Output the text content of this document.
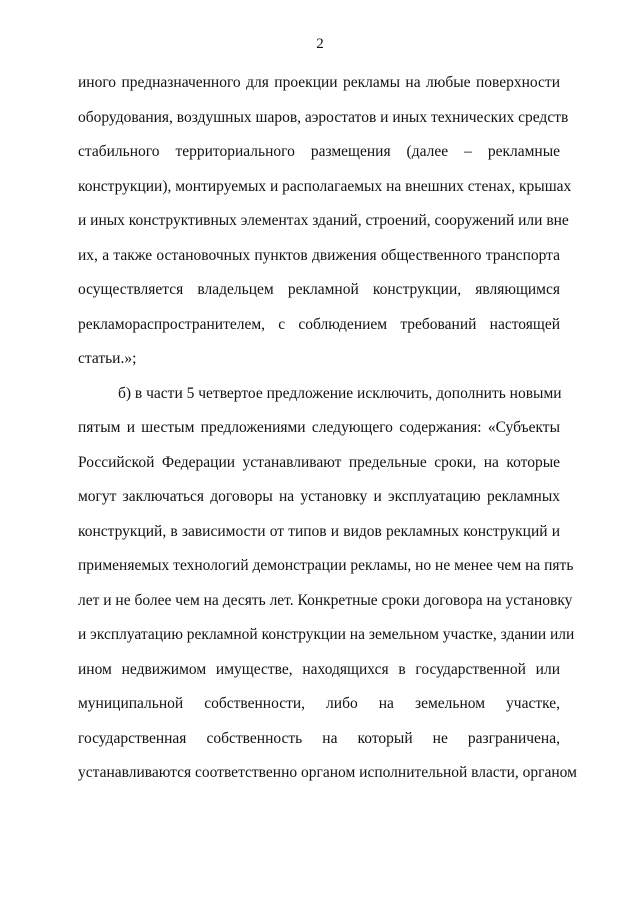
2
иного предназначенного для проекции рекламы на любые поверхности
оборудования, воздушных шаров, аэростатов и иных технических средств
стабильного территориального размещения (далее – рекламные
конструкции), монтируемых и располагаемых на внешних стенах, крышах
и иных конструктивных элементах зданий, строений, сооружений или вне
их, а также остановочных пунктов движения общественного транспорта
осуществляется владельцем рекламной конструкции, являющимся
рекламораспространителем, с соблюдением требований настоящей
статьи.»;
б) в части 5 четвертое предложение исключить, дополнить новыми
пятым и шестым предложениями следующего содержания: «Субъекты
Российской Федерации устанавливают предельные сроки, на которые
могут заключаться договоры на установку и эксплуатацию рекламных
конструкций, в зависимости от типов и видов рекламных конструкций и
применяемых технологий демонстрации рекламы, но не менее чем на пять
лет и не более чем на десять лет. Конкретные сроки договора на установку
и эксплуатацию рекламной конструкции на земельном участке, здании или
ином недвижимом имуществе, находящихся в государственной или
муниципальной собственности, либо на земельном участке,
государственная собственность на который не разграничена,
устанавливаются соответственно органом исполнительной власти, органом
